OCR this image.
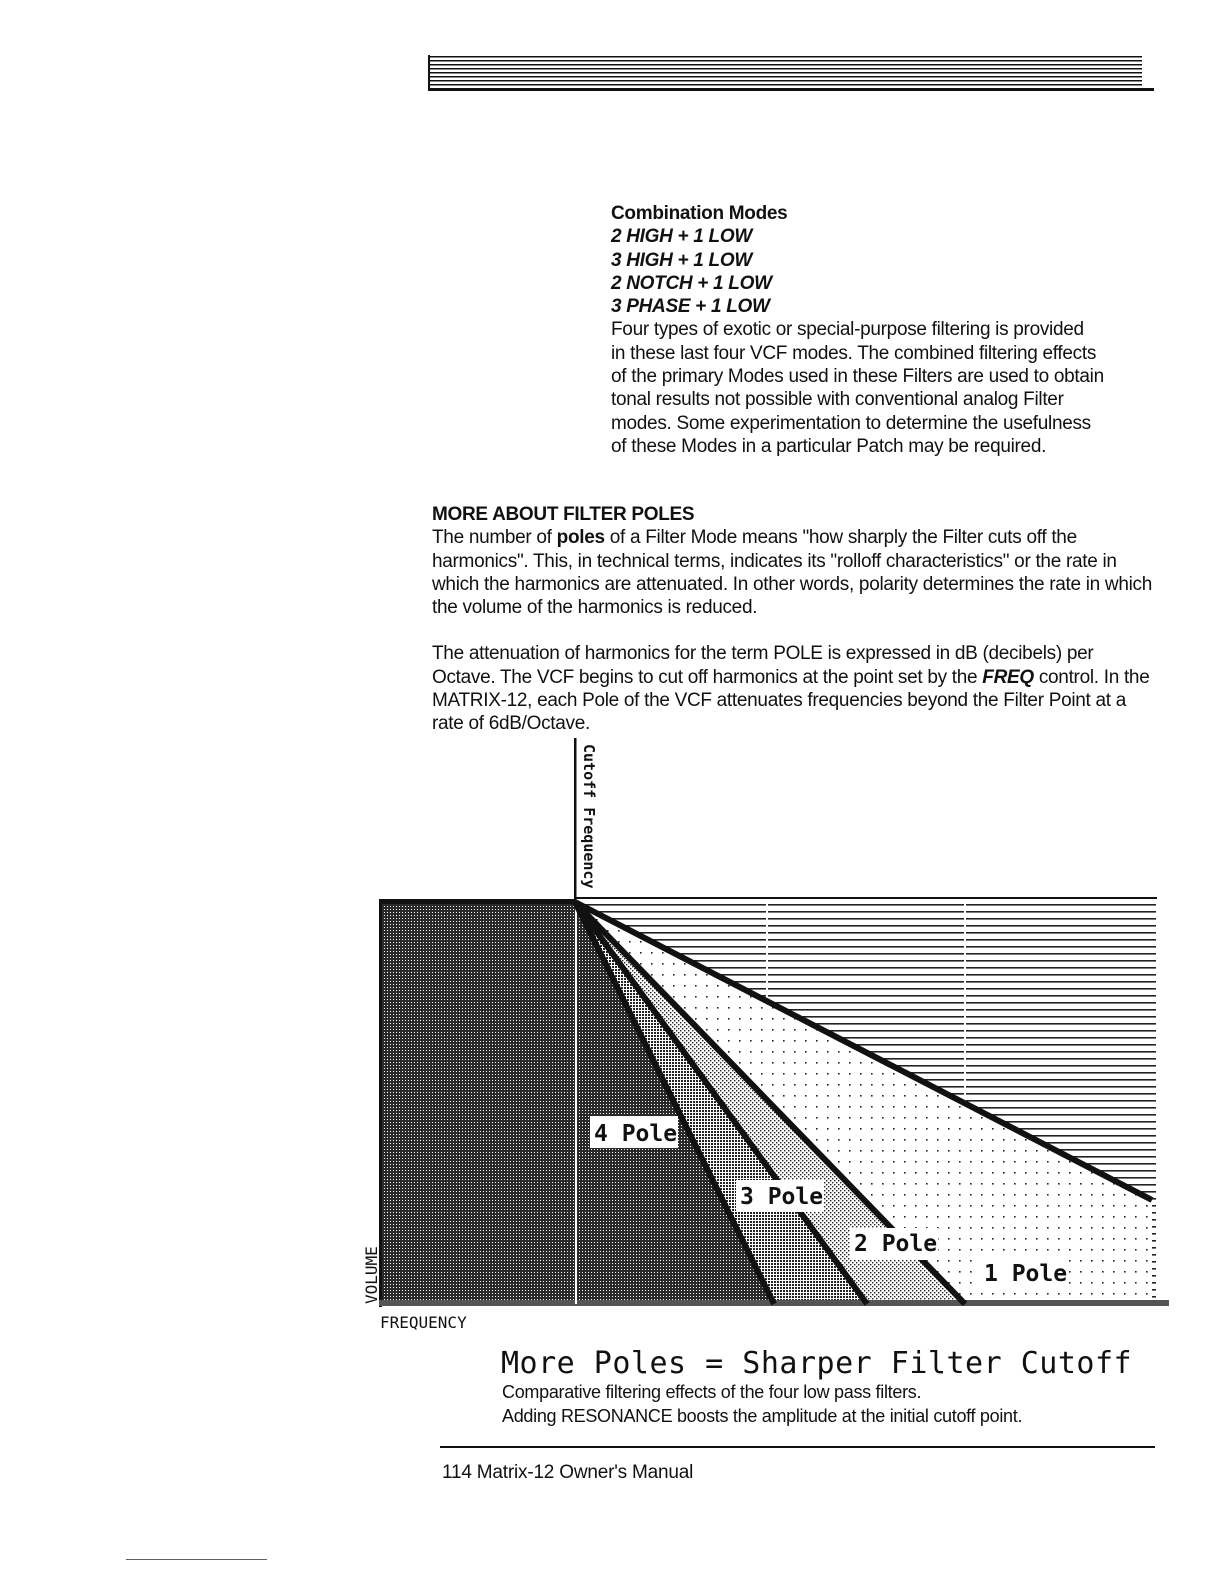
Combination Modes
2 HIGH + 1 LOW
3 HIGH + 1 LOW
2 NOTCH + 1 LOW
3 PHASE + 1 LOW
Four types of exotic or special-purpose filtering is provided
in these last four VCF modes. The combined filtering effects
of the primary Modes used in these Filters are used to obtain
tonal results not possible with conventional analog Filter
modes. Some experimentation to determine the usefulness
of these Modes in a particular Patch may be required.
MORE ABOUT FILTER POLES

The number of poles of a Filter Mode means "how sharply the Filter cuts off the harmonics". This, in technical terms, indicates its "rolloff characteristics" or the rate in which the harmonics are attenuated. In other words, polarity determines the rate in which the volume of the harmonics is reduced.

The attenuation of harmonics for the term POLE is expressed in dB (decibels) per Octave. The VCF begins to cut off harmonics at the point set by the FREQ control. In the MATRIX-12, each Pole of the VCF attenuates frequencies beyond the Filter Point at a rate of 6dB/Octave.

Cutoff Frequency
4 Pole
3 Pole
2 Pole
1 Pole
VOLUME
FREQUENCY
More Poles = Sharper Filter Cutoff
Comparative filtering effects of the four low pass filters.
Adding RESONANCE boosts the amplitude at the initial cutoff point.
114 Matrix-12 Owner's Manual
